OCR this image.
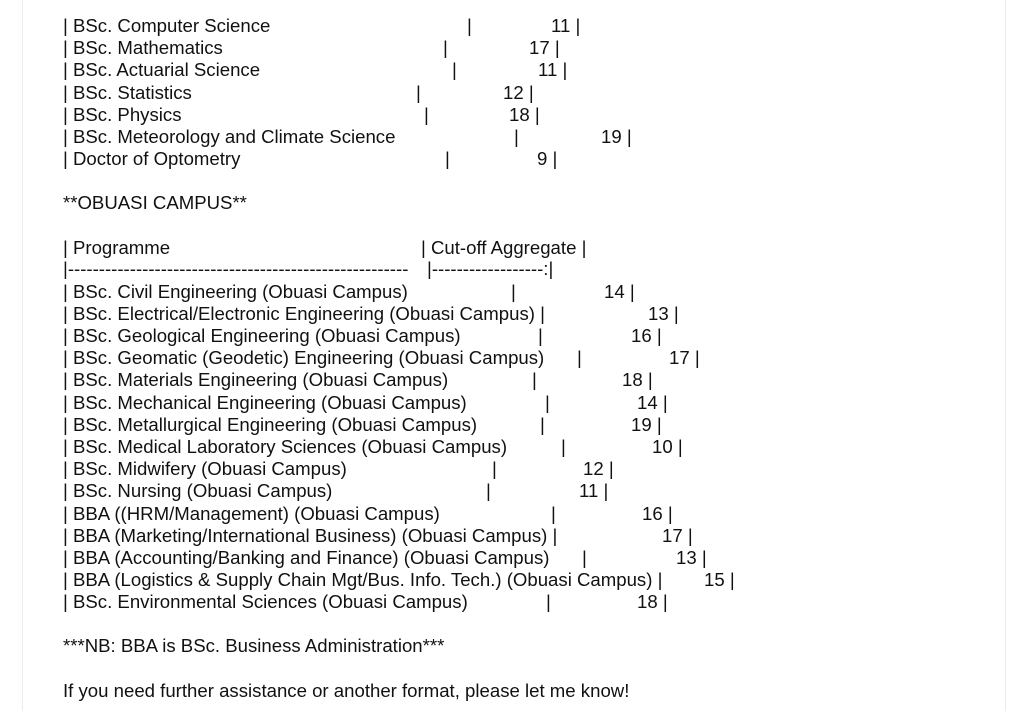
| BSc. Computer Science	|	11 |
| BSc. Mathematics	|	17 |
| BSc. Actuarial Science	|	11 |
| BSc. Statistics	|	12 |
| BSc. Physics	|	18 |
| BSc. Meteorology and Climate Science	|	19 |
| Doctor of Optometry	|	9 |
**OBUASI CAMPUS**
| Programme	| Cut-off Aggregate |
|------------------------------------------------------- |------------------:|
| BSc. Civil Engineering (Obuasi Campus)	|	14 |
| BSc. Electrical/Electronic Engineering (Obuasi Campus) |	13 |
| BSc. Geological Engineering (Obuasi Campus)	|	16 |
| BSc. Geomatic (Geodetic) Engineering (Obuasi Campus) |	17 |
| BSc. Materials Engineering (Obuasi Campus)	|	18 |
| BSc. Mechanical Engineering (Obuasi Campus)	|	14 |
| BSc. Metallurgical Engineering (Obuasi Campus)	|	19 |
| BSc. Medical Laboratory Sciences (Obuasi Campus)	|	10 |
| BSc. Midwifery (Obuasi Campus)	|	12 |
| BSc. Nursing (Obuasi Campus)	|	11 |
| BBA ((HRM/Management) (Obuasi Campus)	|	16 |
| BBA (Marketing/International Business) (Obuasi Campus) |	17 |
| BBA (Accounting/Banking and Finance) (Obuasi Campus) |	13 |
| BBA (Logistics & Supply Chain Mgt/Bus. Info. Tech.) (Obuasi Campus) | 15 |
| BSc. Environmental Sciences (Obuasi Campus)	|	18 |
***NB: BBA is BSc. Business Administration***
If you need further assistance or another format, please let me know!
